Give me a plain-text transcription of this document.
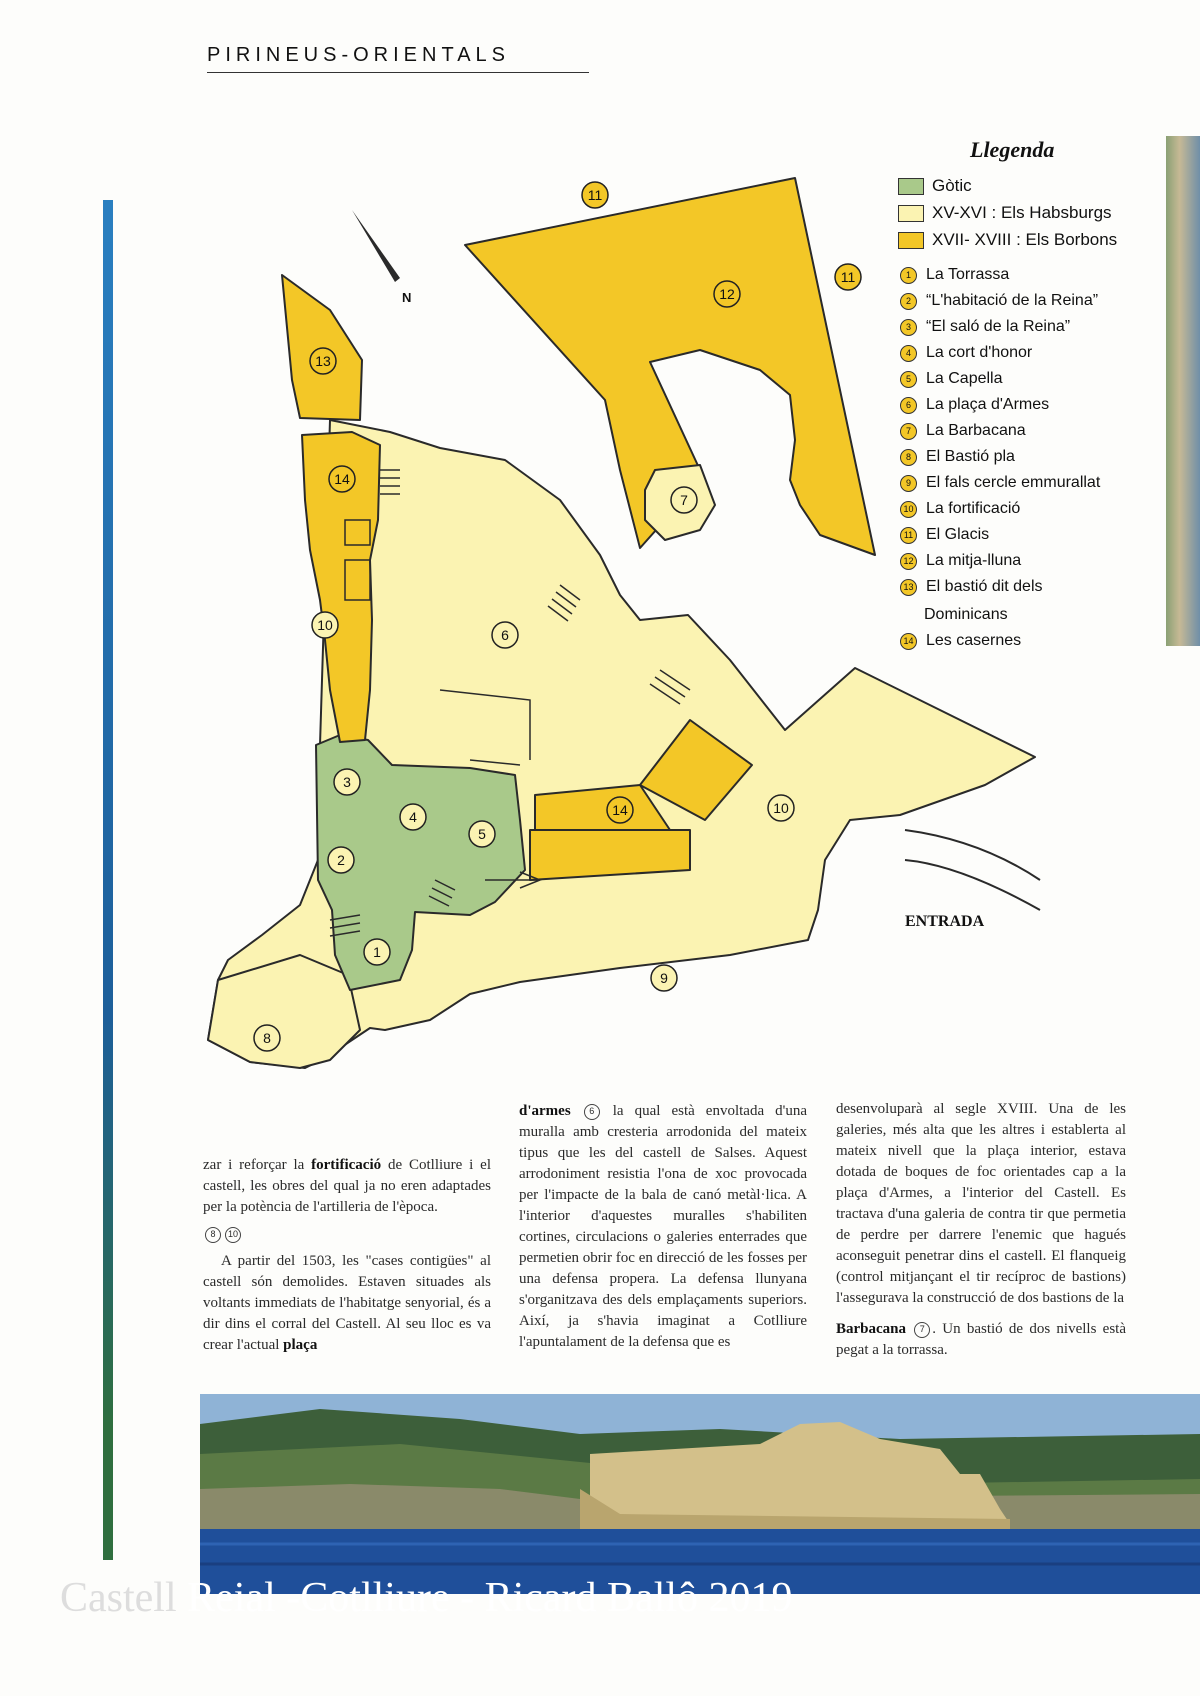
PIRINEUS-ORIENTALS
N
ENTRADA
1
2
3
4
5
6
7
8
9
10
10
11
11
12
13
14
14
Llegenda
Gòtic
XV-XVI : Els Habsburgs
XVII- XVIII : Els Borbons
1 La Torrassa
2 “L'habitació de la Reina”
3 “El saló de la Reina”
4 La cort d'honor
5 La Capella
6 La plaça d'Armes
7 La Barbacana
8 El Bastió pla
9 El fals cercle emmurallat
10 La fortificació
11 El Glacis
12 La mitja-lluna
13 El bastió dit dels
Dominicans
14 Les casernes

zar i reforçar la fortificació de Cotlliure i el castell, les obres del qual ja no eren adaptades per la potència de l'artilleria de l'època.

8 10

A partir del 1503, les "cases contigües" al castell són demolides. Estaven situades als voltants immediats de l'habitatge senyorial, és a dir dins el corral del Castell. Al seu lloc es va crear l'actual plaça

d'armes 6 la qual està envoltada d'una muralla amb cresteria arrodonida del mateix tipus que les del castell de Salses. Aquest arrodoniment resistia l'ona de xoc provocada per l'impacte de la bala de canó metàl·lica. A l'interior d'aquestes muralles s'habiliten cortines, circulacions o galeries enterrades que permetien obrir foc en direcció de les fosses per una defensa propera. La defensa llunyana s'organitzava des dels emplaçaments superiors. Així, ja s'havia imaginat a Cotlliure l'apuntalament de la defensa que es

desenvoluparà al segle XVIII. Una de les galeries, més alta que les altres i establerta al mateix nivell que la plaça interior, estava dotada de boques de foc orientades cap a la plaça d'Armes, a l'interior del Castell. Es tractava d'una galeria de contra tir que permetia de perdre per darrere l'enemic que hagués aconseguit penetrar dins el castell. El flanqueig (control mitjançant el tir recíproc de bastions) l'assegurava la construcció de dos bastions de la

Barbacana 7 . Un bastió de dos nivells està pegat a la torrassa.

Castell Reial -Cotlliure - Ricard Ballô 2019
